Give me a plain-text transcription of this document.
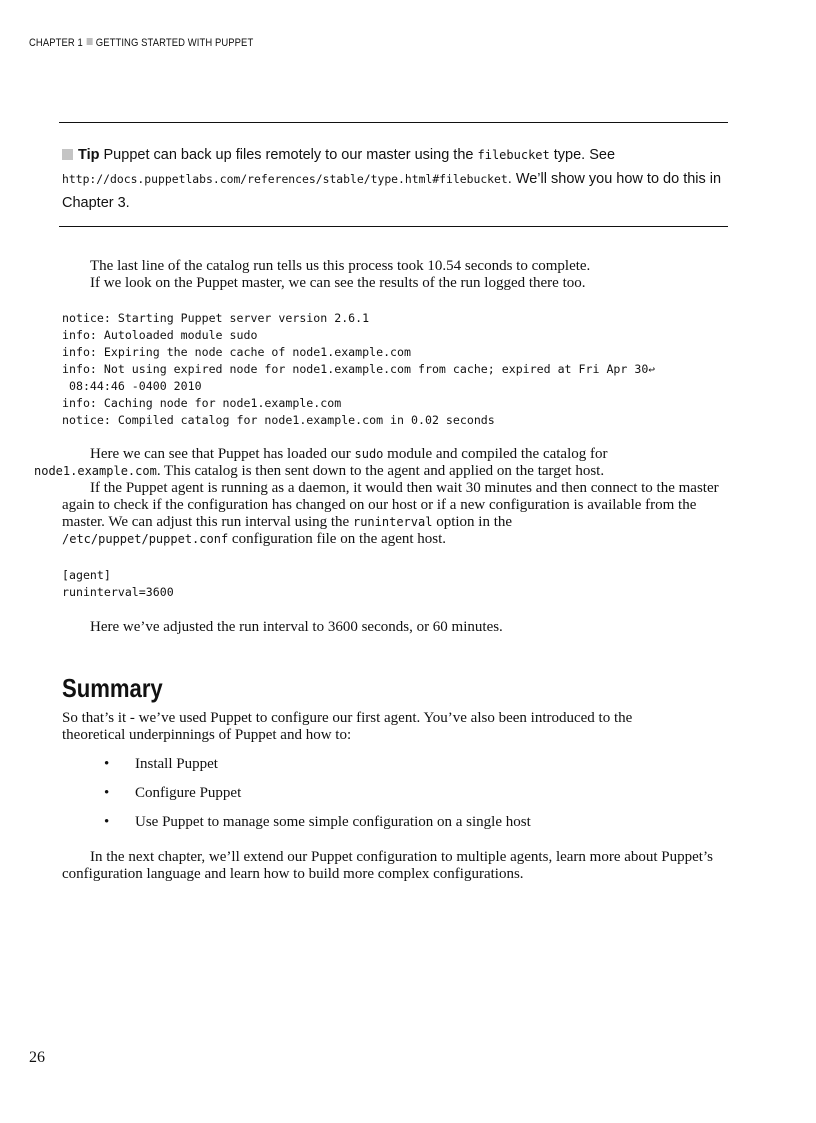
CHAPTER 1 GETTING STARTED WITH PUPPET
Tip Puppet can back up files remotely to our master using the filebucket type. See
http://docs.puppetlabs.com/references/stable/type.html#filebucket. We’ll show you how to do this in
Chapter 3.

The last line of the catalog run tells us this process took 10.54 seconds to complete.

If we look on the Puppet master, we can see the results of the run logged there too.

notice: Starting Puppet server version 2.6.1
info: Autoloaded module sudo
info: Expiring the node cache of node1.example.com
info: Not using expired node for node1.example.com from cache; expired at Fri Apr 30↩
08:44:46 -0400 2010
info: Caching node for node1.example.com
notice: Compiled catalog for node1.example.com in 0.02 seconds

Here we can see that Puppet has loaded our sudo module and compiled the catalog for
node1.example.com. This catalog is then sent down to the agent and applied on the target host.

If the Puppet agent is running as a daemon, it would then wait 30 minutes and then connect to the master again to check if the configuration has changed on our host or if a new configuration is available from the master. We can adjust this run interval using the runinterval option in the
/etc/puppet/puppet.conf configuration file on the agent host.

[agent]
runinterval=3600

Here we’ve adjusted the run interval to 3600 seconds, or 60 minutes.

Summary
So that’s it - we’ve used Puppet to configure our first agent. You’ve also been introduced to the
theoretical underpinnings of Puppet and how to:
• Install Puppet
• Configure Puppet
• Use Puppet to manage some simple configuration on a single host

In the next chapter, we’ll extend our Puppet configuration to multiple agents, learn more about Puppet’s configuration language and learn how to build more complex configurations.

26
